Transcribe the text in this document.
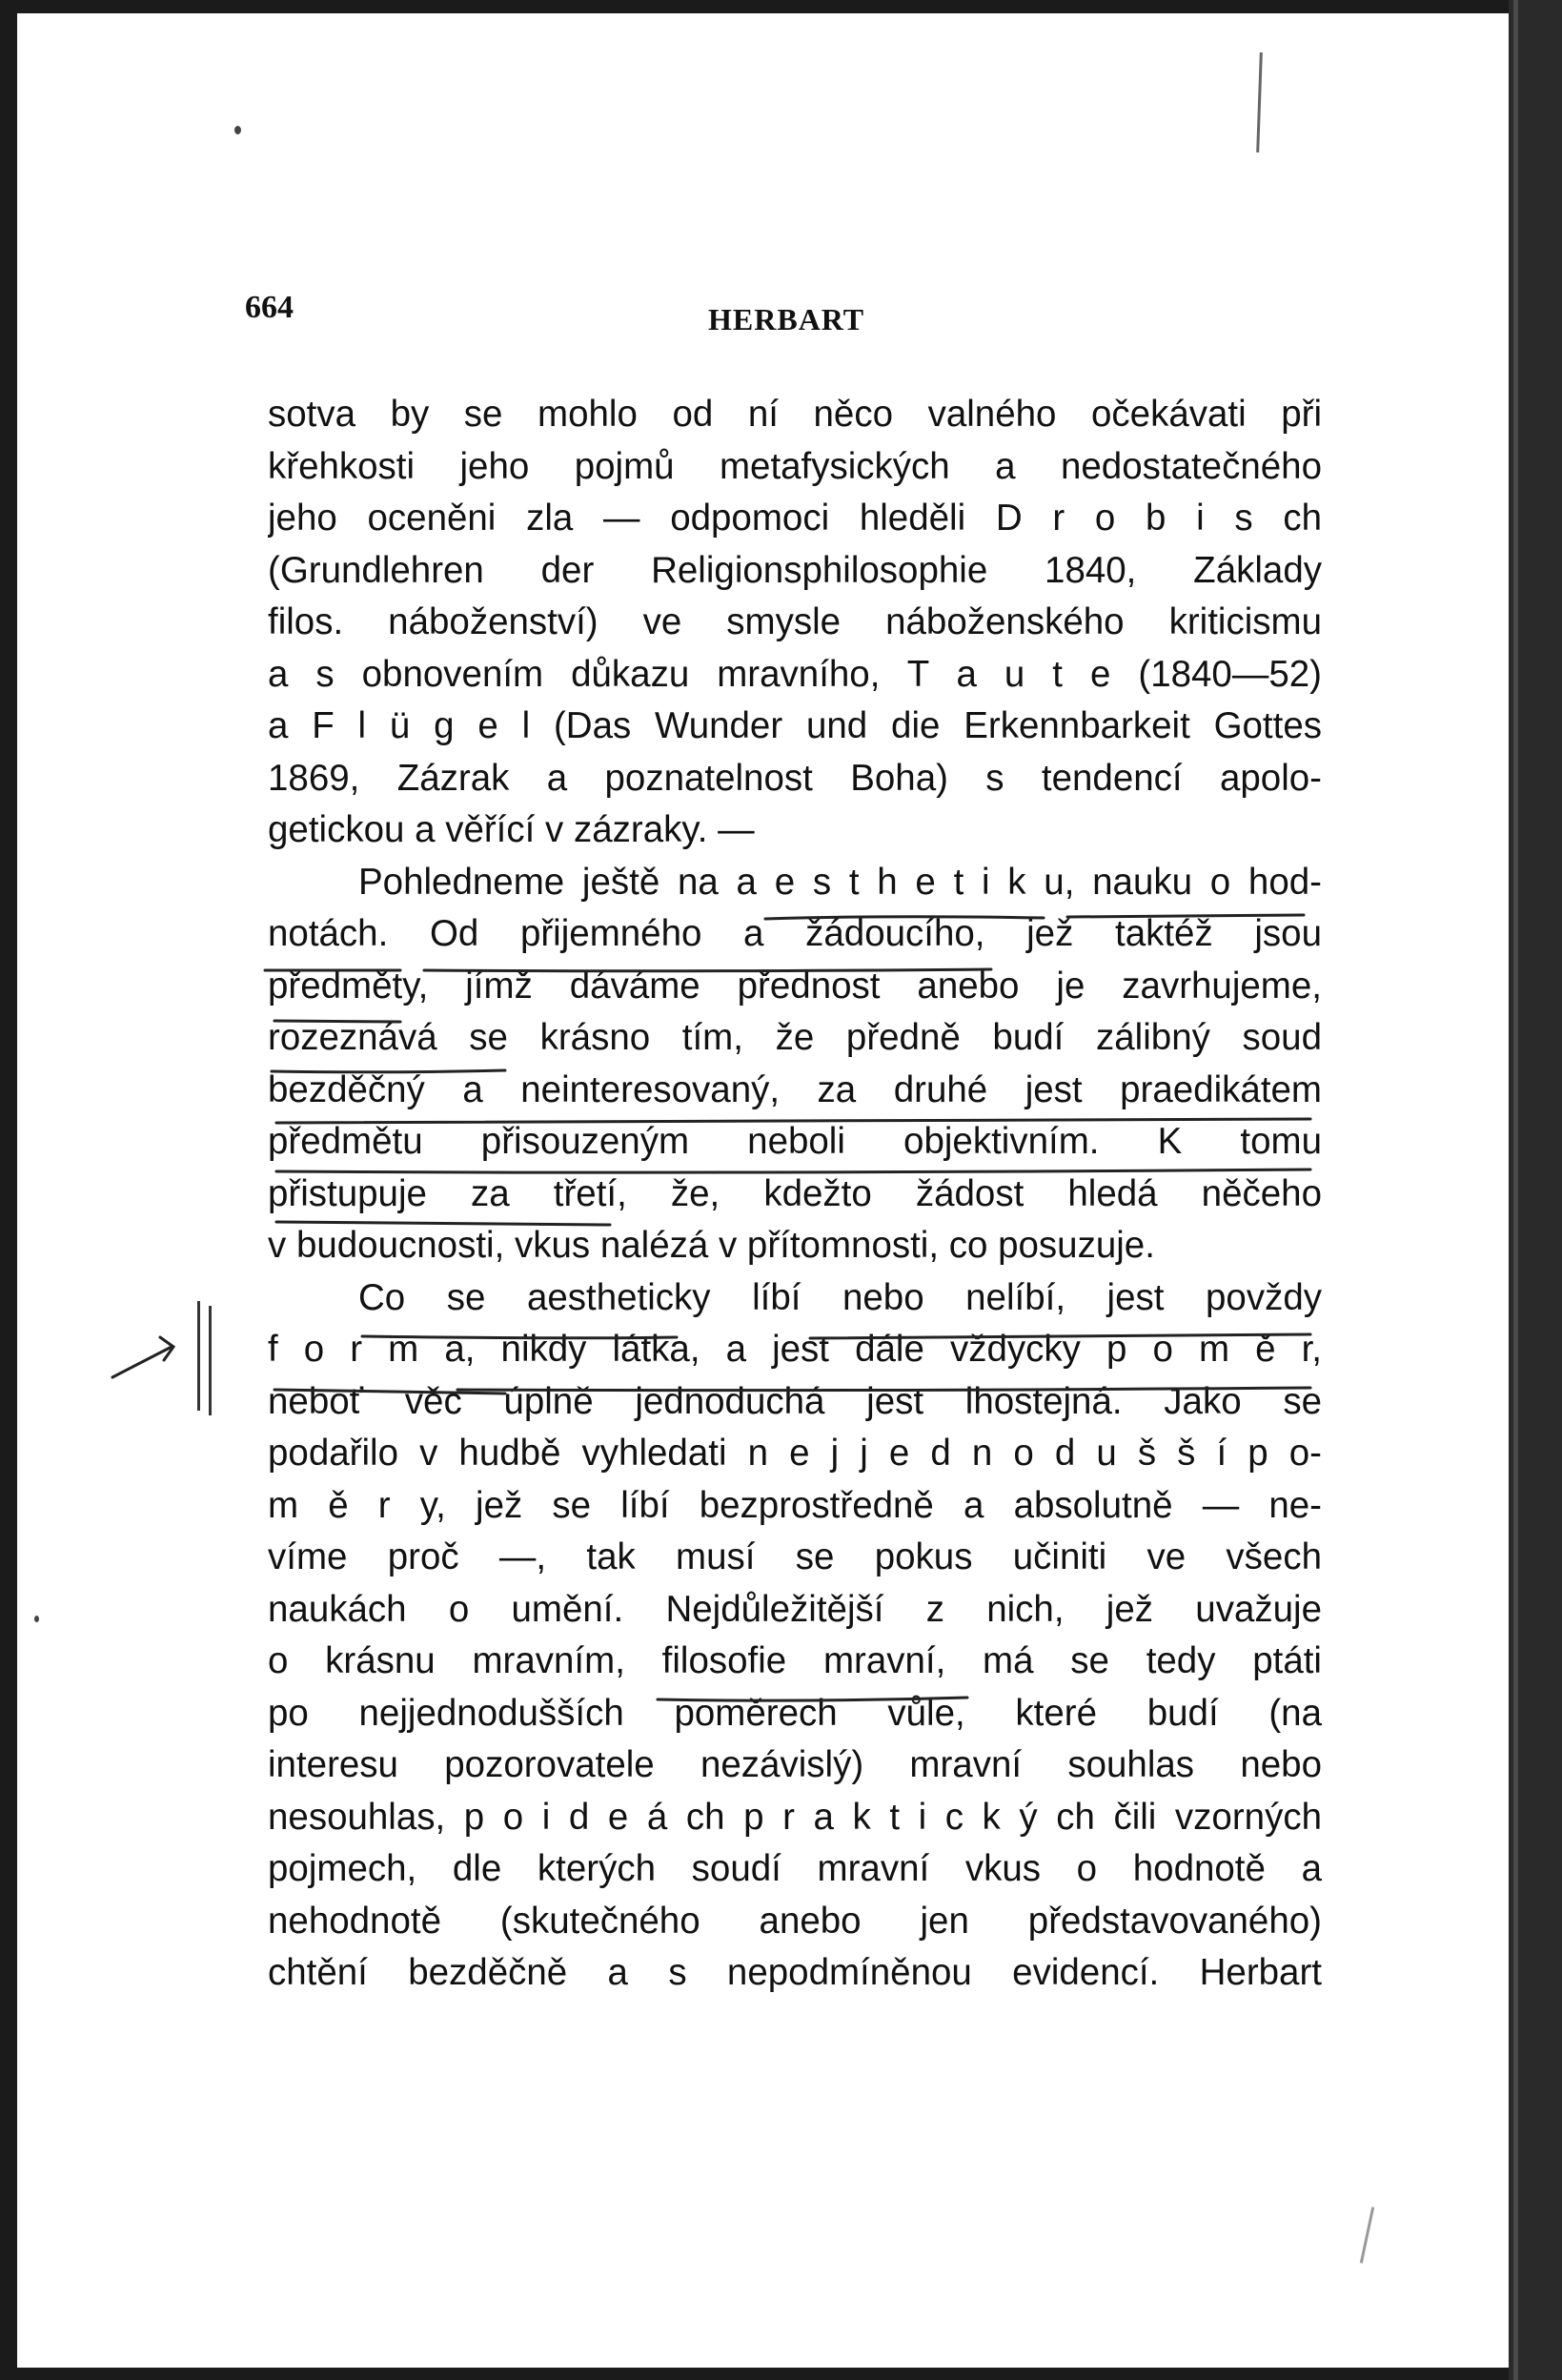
664	HERBART
sotva by se mohlo od ní něco valného očekávati při
křehkosti jeho pojmů metafysických a nedostatečného
jeho oceněni zla — odpomoci hleděli D r o b i s ch
(Grundlehren der Religionsphilosophie 1840, Základy
filos. náboženství) ve smysle náboženského kriticismu
a s obnovením důkazu mravního, T a u t e (1840—52)
a F l ü g e l (Das Wunder und die Erkennbarkeit Gottes
1869, Zázrak a poznatelnost Boha) s tendencí apolo-
getickou a věřící v zázraky. —
Pohledneme ještě na a e s t h e t i k u, nauku o hod-
notách. Od přijemného a žádoucího, jež taktéž jsou
předměty, jímž dáváme přednost anebo je zavrhujeme,
rozeznává se krásno tím, že předně budí zálibný soud
bezděčný a neinteresovaný, za druhé jest praedikátem
předmětu přisouzeným neboli objektivním. K tomu
přistupuje za třetí, že, kdežto žádost hledá něčeho
v budoucnosti, vkus nalézá v přítomnosti, co posuzuje.
Co se aestheticky líbí nebo nelíbí, jest povždy
f o r m a, nikdy látka, a jest dále vždycky p o m ě r,
neboť věc úplně jednoduchá jest lhostejná. Jako se
podařilo v hudbě vyhledati n e j j e d n o d u š š í p o-
m ě r y, jež se líbí bezprostředně a absolutně — ne-
víme proč —, tak musí se pokus učiniti ve všech
naukách o umění. Nejdůležitější z nich, jež uvažuje
o krásnu mravním, filosofie mravní, má se tedy ptáti
po nejjednodušších poměrech vůle, které budí (na
interesu pozorovatele nezávislý) mravní souhlas nebo
nesouhlas, p o i d e á ch p r a k t i c k ý ch čili vzorných
pojmech, dle kterých soudí mravní vkus o hodnotě a
nehodnotě (skutečného anebo jen představovaného)
chtění bezděčně a s nepodmíněnou evidencí. Herbart
